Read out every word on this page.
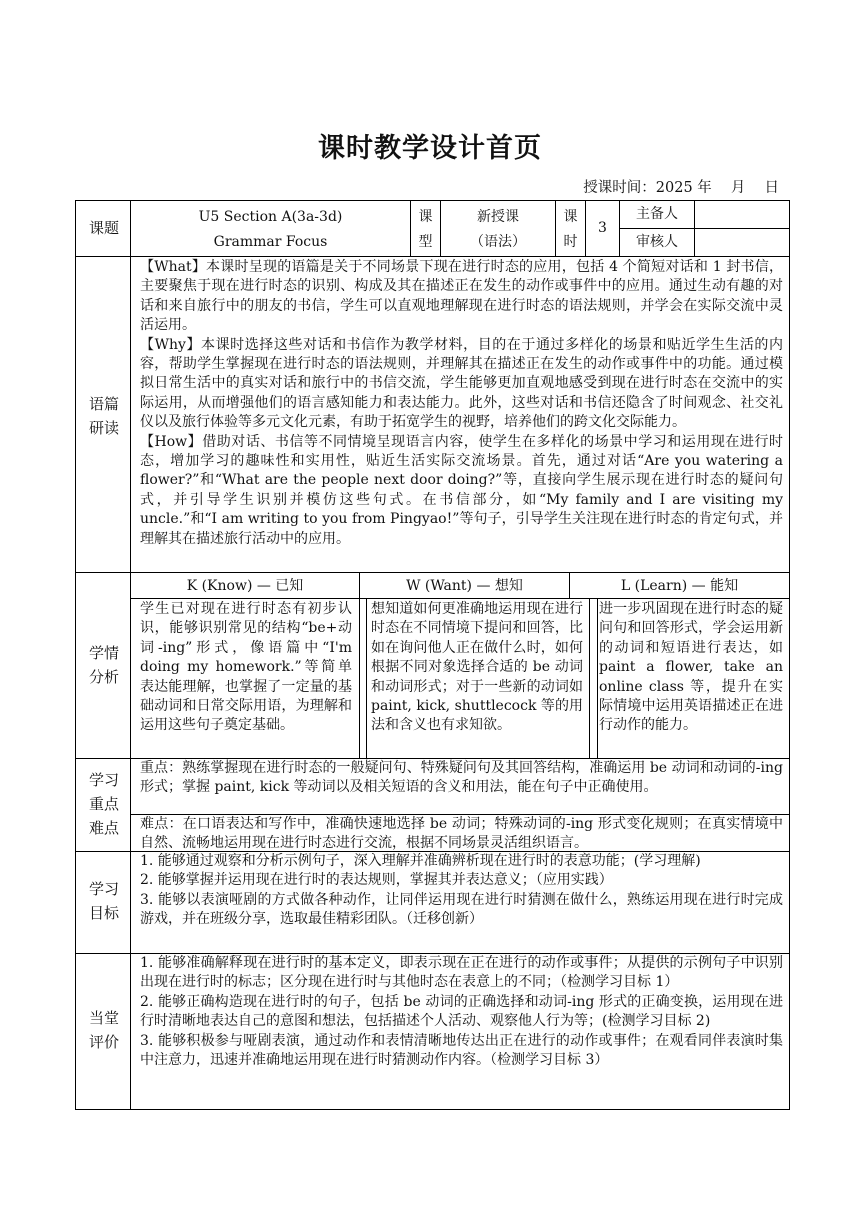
课时教学设计首页
授课时间：2025 年　 月　 日
课题
U5 Section A(3a-3d)
Grammar Focus
课
型
新授课
（语法）
课
时
3
主备人
审核人
语篇
研读

【What】本课时呈现的语篇是关于不同场景下现在进行时态的应用，包括 4 个简短对话和 1 封书信，主要聚焦于现在进行时态的识别、构成及其在描述正在发生的动作或事件中的应用。通过生动有趣的对话和来自旅行中的朋友的书信，学生可以直观地理解现在进行时态的语法规则，并学会在实际交流中灵活运用。

【Why】本课时选择这些对话和书信作为教学材料，目的在于通过多样化的场景和贴近学生生活的内容，帮助学生掌握现在进行时态的语法规则，并理解其在描述正在发生的动作或事件中的功能。通过模拟日常生活中的真实对话和旅行中的书信交流，学生能够更加直观地感受到现在进行时态在交流中的实际运用，从而增强他们的语言感知能力和表达能力。此外，这些对话和书信还隐含了时间观念、社交礼仪以及旅行体验等多元文化元素，有助于拓宽学生的视野，培养他们的跨文化交际能力。

【How】借助对话、书信等不同情境呈现语言内容，使学生在多样化的场景中学习和运用现在进行时态，增加学习的趣味性和实用性，贴近生活实际交流场景。首先，通过对话“Are you watering a flower?”和“What are the people next door doing?”等，直接向学生展示现在进行时态的疑问句式，并引导学生识别并模仿这些句式。在书信部分，如“My family and I are visiting my uncle.”和“I am writing to you from Pingyao!”等句子，引导学生关注现在进行时态的肯定句式，并理解其在描述旅行活动中的应用。

学情
分析
K (Know) — 已知	W (Want) — 想知	L (Learn) — 能知
学生已对现在进行时态有初步认识，能够识别常见的结构“be+动词-ing”形式，像语篇中“I'm doing my homework.”等简单表达能理解，也掌握了一定量的基础动词和日常交际用语，为理解和运用这些句子奠定基础。
想知道如何更准确地运用现在进行时态在不同情境下提问和回答，比如在询问他人正在做什么时，如何根据不同对象选择合适的 be 动词和动词形式；对于一些新的动词如 paint, kick, shuttlecock 等的用法和含义也有求知欲。
进一步巩固现在进行时态的疑问句和回答形式，学会运用新的动词和短语进行表达，如 paint a flower, take an online class 等，提升在实际情境中运用英语描述正在进行动作的能力。
学习
重点
难点
重点：熟练掌握现在进行时态的一般疑问句、特殊疑问句及其回答结构，准确运用 be 动词和动词的-ing 形式；掌握 paint, kick 等动词以及相关短语的含义和用法，能在句子中正确使用。
难点：在口语表达和写作中，准确快速地选择 be 动词；特殊动词的-ing 形式变化规则；在真实情境中自然、流畅地运用现在进行时态进行交流，根据不同场景灵活组织语言。
学习
目标

1. 能够通过观察和分析示例句子，深入理解并准确辨析现在进行时的表意功能；(学习理解)

2. 能够掌握并运用现在进行时的表达规则，掌握其并表达意义；（应用实践）

3. 能够以表演哑剧的方式做各种动作，让同伴运用现在进行时猜测在做什么，熟练运用现在进行时完成游戏，并在班级分享，选取最佳精彩团队。（迁移创新）

当堂
评价

1. 能够准确解释现在进行时的基本定义，即表示现在正在进行的动作或事件；从提供的示例句子中识别出现在进行时的标志；区分现在进行时与其他时态在表意上的不同；（检测学习目标 1）

2. 能够正确构造现在进行时的句子，包括 be 动词的正确选择和动词-ing 形式的正确变换，运用现在进行时清晰地表达自己的意图和想法，包括描述个人活动、观察他人行为等；(检测学习目标 2)

3. 能够积极参与哑剧表演，通过动作和表情清晰地传达出正在进行的动作或事件；在观看同伴表演时集中注意力，迅速并准确地运用现在进行时猜测动作内容。（检测学习目标 3）
